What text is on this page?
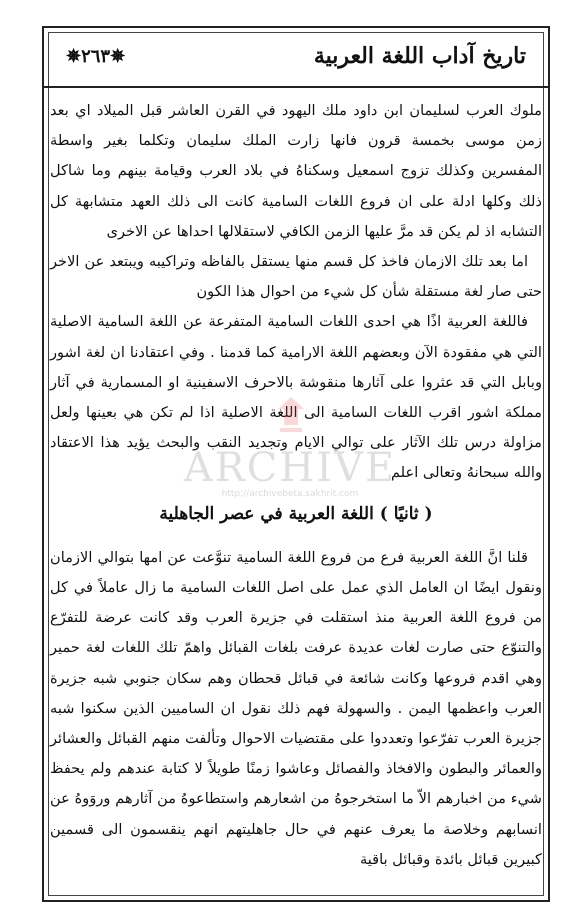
تاريخ آداب اللغة العربية
✵٢٦٣✵

ملوك العرب لسليمان ابن داود ملك اليهود في القرن العاشر قبل الميلاد اي بعد زمن موسى بخمسة قرون فانها زارت الملك سليمان وتكلما بغير واسطة المفسرين وكذلك تزوج اسمعيل وسكناهُ في بلاد العرب وقيامة بينهم وما شاكل ذلك وكلها ادلة على ان فروع اللغات السامية كانت الى ذلك العهد متشابهة كل التشابه اذ لم يكن قد مرَّ عليها الزمن الكافي لاستقلالها احداها عن الاخرى

اما بعد تلك الازمان فاخذ كل قسم منها يستقل بالفاظه وتراكيبه ويبتعد عن الاخر حتى صار لغة مستقلة شأن كل شيء من احوال هذا الكون

فاللغة العربية اذًا هي احدى اللغات السامية المتفرعة عن اللغة السامية الاصلية التي هي مفقودة الآن وبعضهم اللغة الارامية كما قدمنا . وفي اعتقادنا ان لغة اشور وبابل التي قد عثروا على آثارها منقوشة بالاحرف الاسفينية او المسمارية في آثار مملكة اشور اقرب اللغات السامية الى اللغة الاصلية اذا لم تكن هي بعينها ولعل مزاولة درس تلك الآثار على توالي الايام وتجديد النقب والبحث يؤيد هذا الاعتقاد والله سبحانهُ وتعالى اعلم

( ثانيًا ) اللغة العربية في عصر الجاهلية

قلنا انَّ اللغة العربية فرع من فروع اللغة السامية تنوَّعت عن امها بتوالي الازمان ونقول ايضًا ان العامل الذي عمل على اصل اللغات السامية ما زال عاملاً في كل من فروع اللغة العربية منذ استقلت في جزيرة العرب وقد كانت عرضة للتفرّع والتنوّع حتى صارت لغات عديدة عرفت بلغات القبائل واهمّ تلك اللغات لغة حمير وهي اقدم فروعها وكانت شائعة في قبائل قحطان وهم سكان جنوبي شبه جزيرة العرب واعظمها اليمن . والسهولة فهم ذلك نقول ان الساميين الذين سكنوا شبه جزيرة العرب تفرّعوا وتعددوا على مقتضيات الاحوال وتألفت منهم القبائل والعشائر والعمائر والبطون والافخاذ والفصائل وعاشوا زمنًا طويلاً لا كتابة عندهم ولم يحفظ شيء من اخبارهم الاّ ما استخرجوهُ من اشعارهم واستطاعوهُ من آثارهم وروَوهُ عن انسابهم وخلاصة ما يعرف عنهم في حال جاهليتهم انهم ينقسمون الى قسمين كبيرين قبائل بائدة وقبائل باقية

ARCHIVE
http://archivebeta.sakhrit.com
